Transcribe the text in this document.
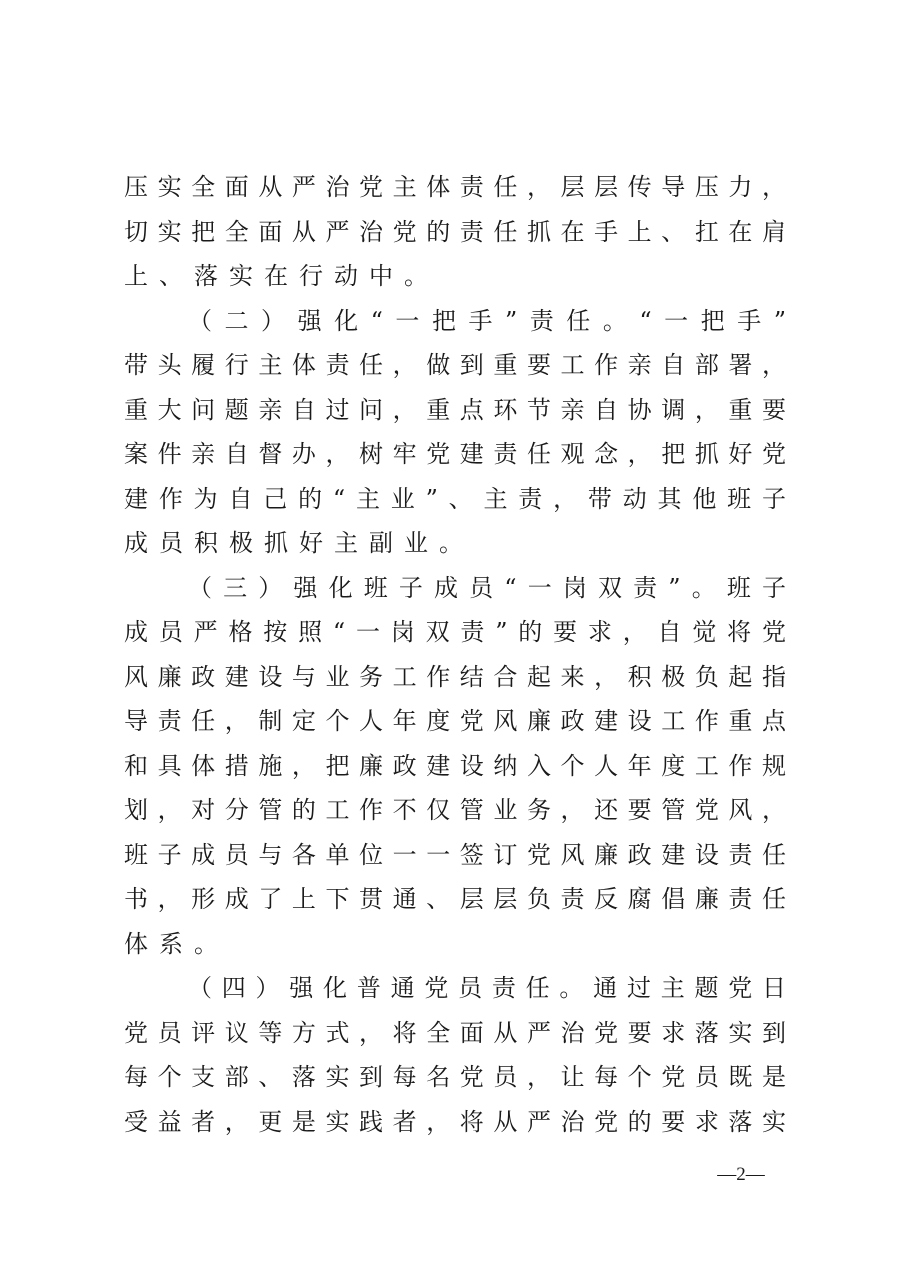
压实全面从严治党主体责任，层层传导压力，
切实把全面从严治党的责任抓在手上、扛在肩
上、落实在行动中。
（二）强化“一把手”责任。“一把手”
带头履行主体责任，做到重要工作亲自部署，
重大问题亲自过问，重点环节亲自协调，重要
案件亲自督办，树牢党建责任观念，把抓好党
建作为自己的“主业”、主责，带动其他班子
成员积极抓好主副业。
（三）强化班子成员“一岗双责”。班子
成员严格按照“一岗双责”的要求，自觉将党
风廉政建设与业务工作结合起来，积极负起指
导责任，制定个人年度党风廉政建设工作重点
和具体措施，把廉政建设纳入个人年度工作规
划，对分管的工作不仅管业务，还要管党风，
班子成员与各单位一一签订党风廉政建设责任
书，形成了上下贯通、层层负责反腐倡廉责任
体系。
（四）强化普通党员责任。通过主题党日
党员评议等方式，将全面从严治党要求落实到
每个支部、落实到每名党员，让每个党员既是
受益者，更是实践者，将从严治党的要求落实
—2—
